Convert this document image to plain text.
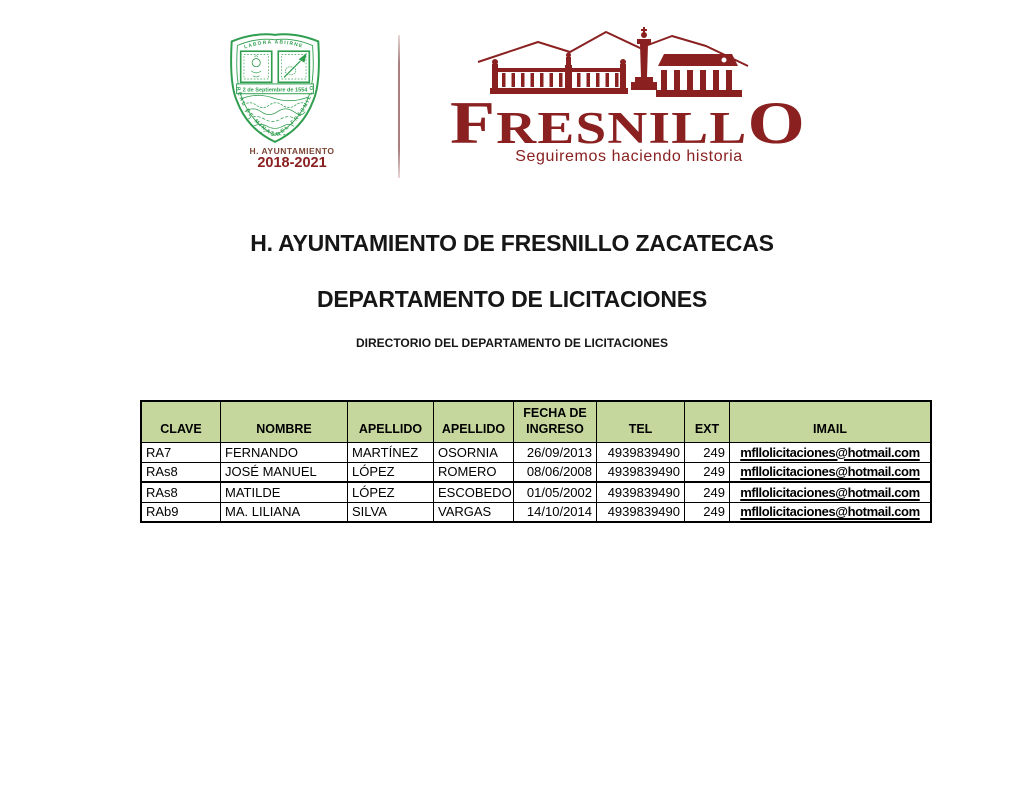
LABORA ABIIRNE
2 de Septiembre de 1554
REAL DE MINAS DEL FRESNILLO
H. AYUNTAMIENTO
2018-2021
F RESNILL O
Seguiremos haciendo historia
H. AYUNTAMIENTO DE FRESNILLO ZACATECAS
DEPARTAMENTO DE LICITACIONES
DIRECTORIO DEL DEPARTAMENTO DE LICITACIONES
CLAVE	NOMBRE	APELLIDO	APELLIDO	FECHA DE INGRESO	TEL	EXT	IMAIL
RA7	FERNANDO	MARTÍNEZ	OSORNIA	26/09/2013	4939839490	249	mfllolicitaciones@hotmail.com
RAs8	JOSÉ MANUEL	LÓPEZ	ROMERO	08/06/2008	4939839490	249	mfllolicitaciones@hotmail.com
RAs8	MATILDE	LÓPEZ	ESCOBEDO	01/05/2002	4939839490	249	mfllolicitaciones@hotmail.com
RAb9	MA. LILIANA	SILVA	VARGAS	14/10/2014	4939839490	249	mfllolicitaciones@hotmail.com
